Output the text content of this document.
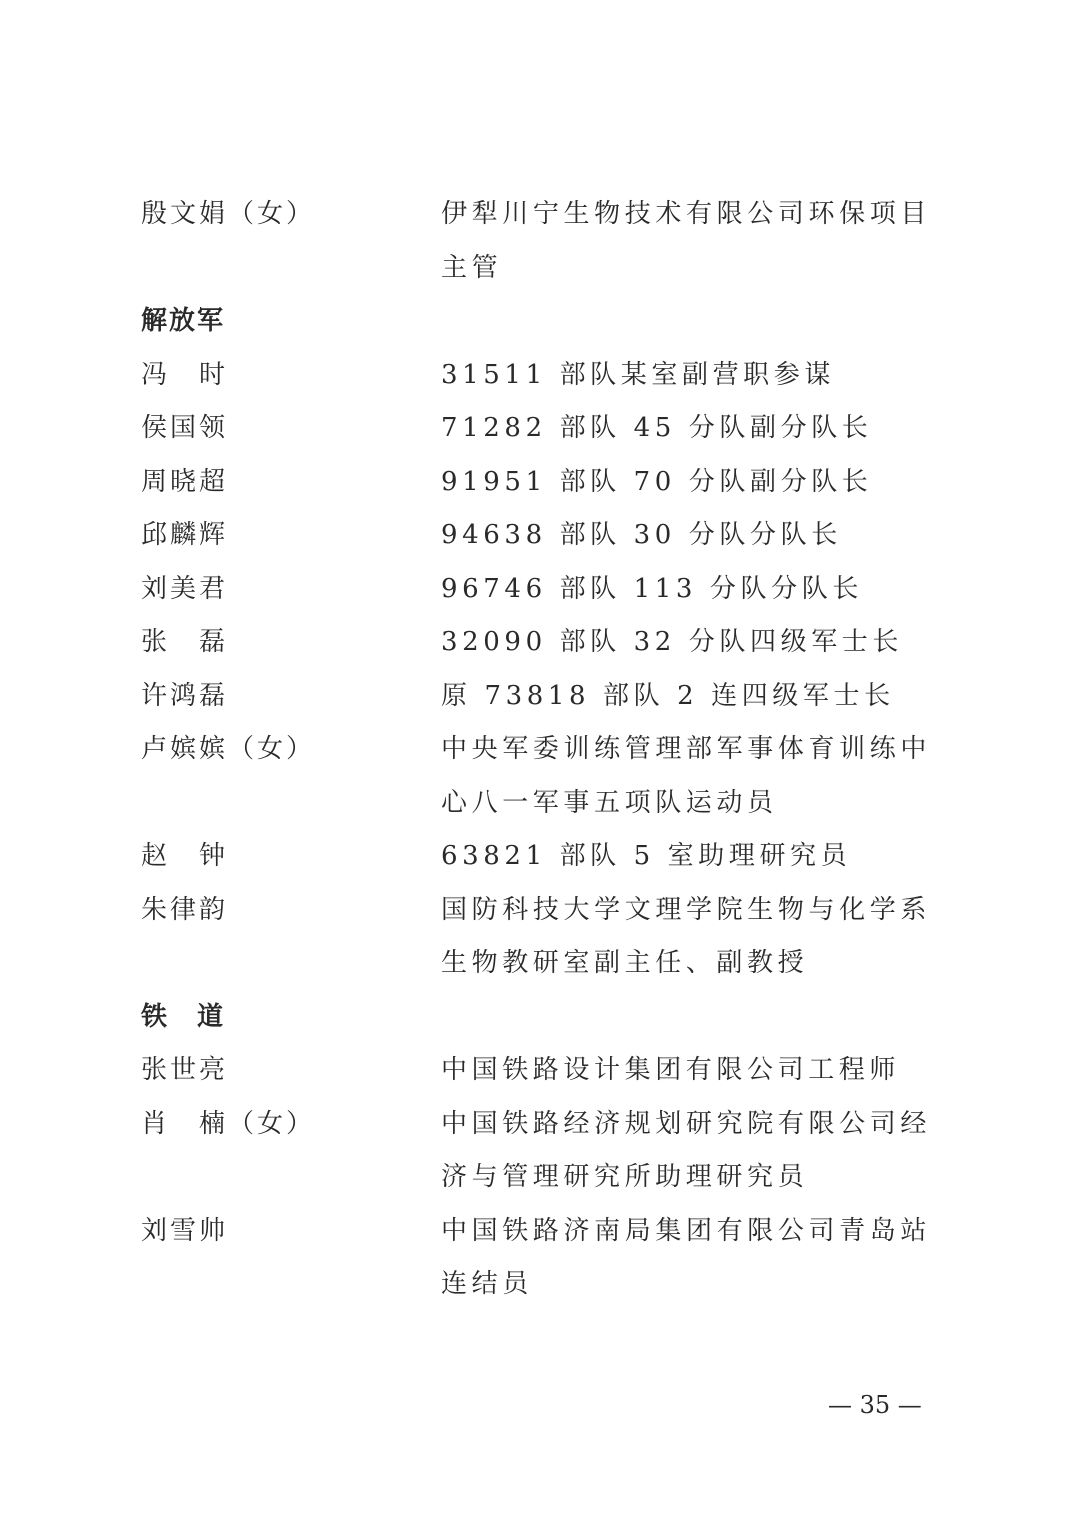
殷文娟（女）	伊犁川宁生物技术有限公司环保项目主管
解放军
冯　时	31511 部队某室副营职参谋
侯国领	71282 部队 45 分队副分队长
周晓超	91951 部队 70 分队副分队长
邱麟辉	94638 部队 30 分队分队长
刘美君	96746 部队 113 分队分队长
张　磊	32090 部队 32 分队四级军士长
许鸿磊	原 73818 部队 2 连四级军士长
卢嫔嫔（女）	中央军委训练管理部军事体育训练中心八一军事五项队运动员
赵　钟	63821 部队 5 室助理研究员
朱律韵	国防科技大学文理学院生物与化学系生物教研室副主任、副教授
铁　道
张世亮	中国铁路设计集团有限公司工程师
肖　楠（女）	中国铁路经济规划研究院有限公司经济与管理研究所助理研究员
刘雪帅	中国铁路济南局集团有限公司青岛站连结员
— 35 —
